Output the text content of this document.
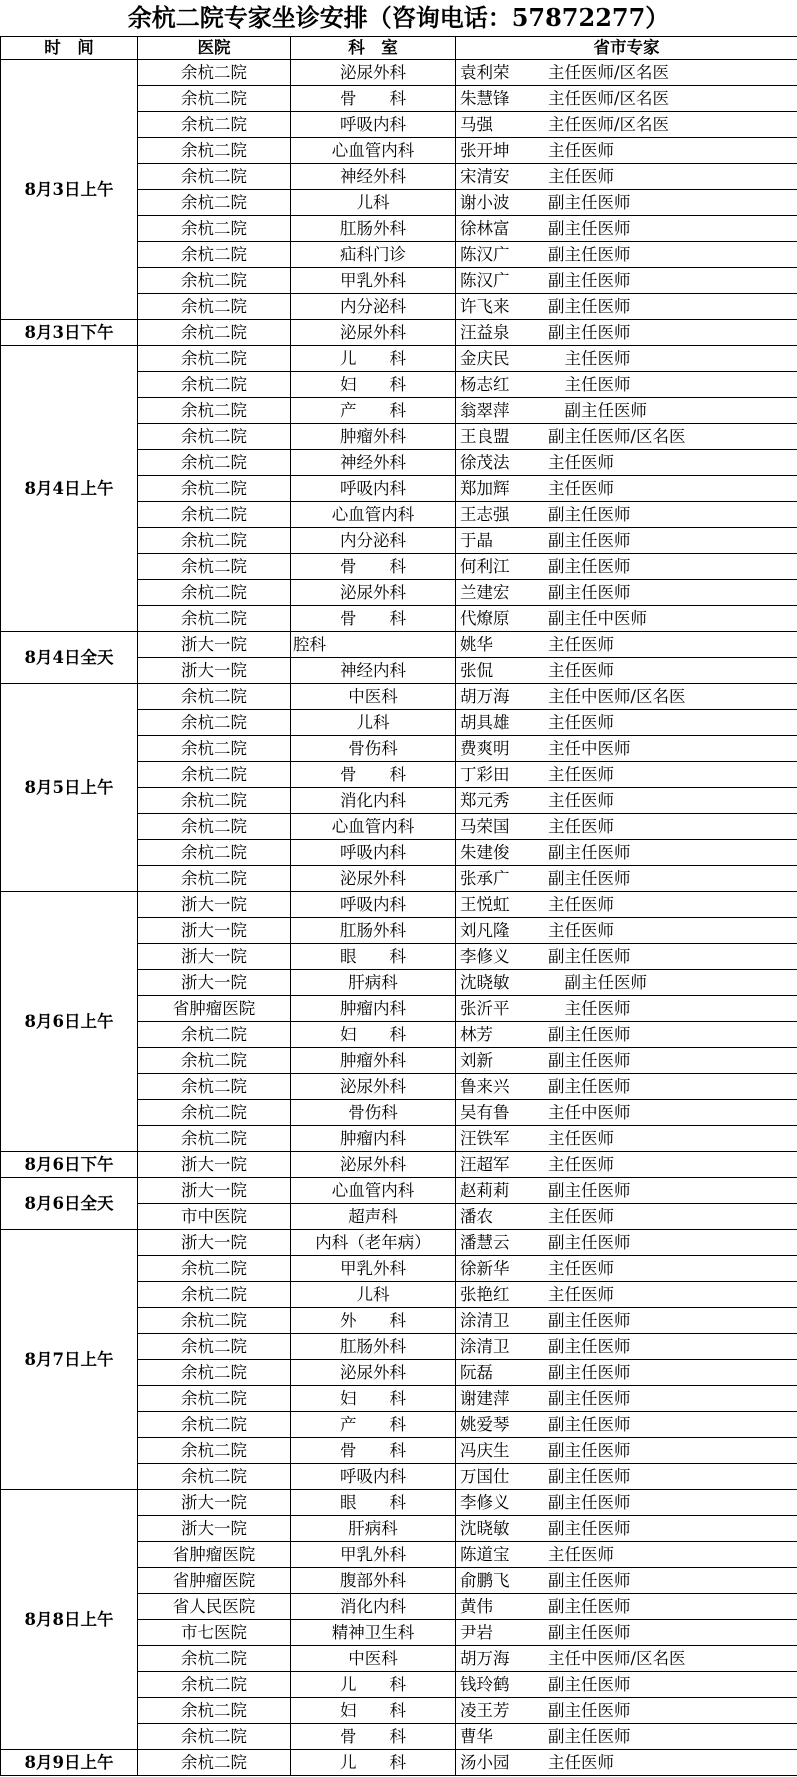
余杭二院专家坐诊安排（咨询电话：57872277）
时　间	医院	科　室	省市专家
8月3日上午	余杭二院	泌尿外科	袁利荣 主任医师/区名医
	余杭二院	骨　　科	朱慧锋 主任医师/区名医
	余杭二院	呼吸内科	马强 主任医师/区名医
	余杭二院	心血管内科	张开坤 主任医师
	余杭二院	神经外科	宋清安 主任医师
	余杭二院	儿科	谢小波 副主任医师
	余杭二院	肛肠外科	徐林富 副主任医师
	余杭二院	疝科门诊	陈汉广 副主任医师
	余杭二院	甲乳外科	陈汉广 副主任医师
	余杭二院	内分泌科	许飞来 副主任医师
8月3日下午	余杭二院	泌尿外科	汪益泉 副主任医师
8月4日上午	余杭二院	儿　　科	金庆民　主任医师
	余杭二院	妇　　科	杨志红　主任医师
	余杭二院	产　　科	翁翠萍　副主任医师
	余杭二院	肿瘤外科	王良盟 副主任医师/区名医
	余杭二院	神经外科	徐茂法 主任医师
	余杭二院	呼吸内科	郑加辉 主任医师
	余杭二院	心血管内科	王志强 副主任医师
	余杭二院	内分泌科	于晶 副主任医师
	余杭二院	骨　　科	何利江 副主任医师
	余杭二院	泌尿外科	兰建宏 副主任医师
	余杭二院	骨　　科	代燎原 副主任中医师
8月4日全天	浙大一院	腔科	姚华 主任医师
	浙大一院	神经内科	张侃 主任医师
8月5日上午	余杭二院	中医科	胡万海 主任中医师/区名医
	余杭二院	儿科	胡具雄 主任医师
	余杭二院	骨伤科	费爽明 主任中医师
	余杭二院	骨　　科	丁彩田 主任医师
	余杭二院	消化内科	郑元秀 主任医师
	余杭二院	心血管内科	马荣国 主任医师
	余杭二院	呼吸内科	朱建俊 副主任医师
	余杭二院	泌尿外科	张承广 副主任医师
8月6日上午	浙大一院	呼吸内科	王悦虹 主任医师
	浙大一院	肛肠外科	刘凡隆 主任医师
	浙大一院	眼　　科	李修义 副主任医师
	浙大一院	肝病科	沈晓敏　副主任医师
	省肿瘤医院	肿瘤内科	张沂平　主任医师
	余杭二院	妇　　科	林芳 副主任医师
	余杭二院	肿瘤外科	刘新 副主任医师
	余杭二院	泌尿外科	鲁来兴 副主任医师
	余杭二院	骨伤科	吴有鲁 主任中医师
	余杭二院	肿瘤内科	汪铁军 主任医师
8月6日下午	浙大一院	泌尿外科	汪超军 主任医师
8月6日全天	浙大一院	心血管内科	赵莉莉 副主任医师
	市中医院	超声科	潘农 主任医师
8月7日上午	浙大一院	内科（老年病）	潘慧云 副主任医师
	余杭二院	甲乳外科	徐新华 主任医师
	余杭二院	儿科	张艳红 主任医师
	余杭二院	外　　科	涂清卫 副主任医师
	余杭二院	肛肠外科	涂清卫 副主任医师
	余杭二院	泌尿外科	阮磊 副主任医师
	余杭二院	妇　　科	谢建萍 副主任医师
	余杭二院	产　　科	姚爱琴 副主任医师
	余杭二院	骨　　科	冯庆生 副主任医师
	余杭二院	呼吸内科	万国仕 副主任医师
8月8日上午	浙大一院	眼　　科	李修义 副主任医师
	浙大一院	肝病科	沈晓敏 副主任医师
	省肿瘤医院	甲乳外科	陈道宝 主任医师
	省肿瘤医院	腹部外科	俞鹏飞 副主任医师
	省人民医院	消化内科	黄伟 副主任医师
	市七医院	精神卫生科	尹岩 副主任医师
	余杭二院	中医科	胡万海 主任中医师/区名医
	余杭二院	儿　　科	钱玲鹤 副主任医师
	余杭二院	妇　　科	凌王芳 副主任医师
	余杭二院	骨　　科	曹华 副主任医师
8月9日上午	余杭二院	儿　　科	汤小园 主任医师
